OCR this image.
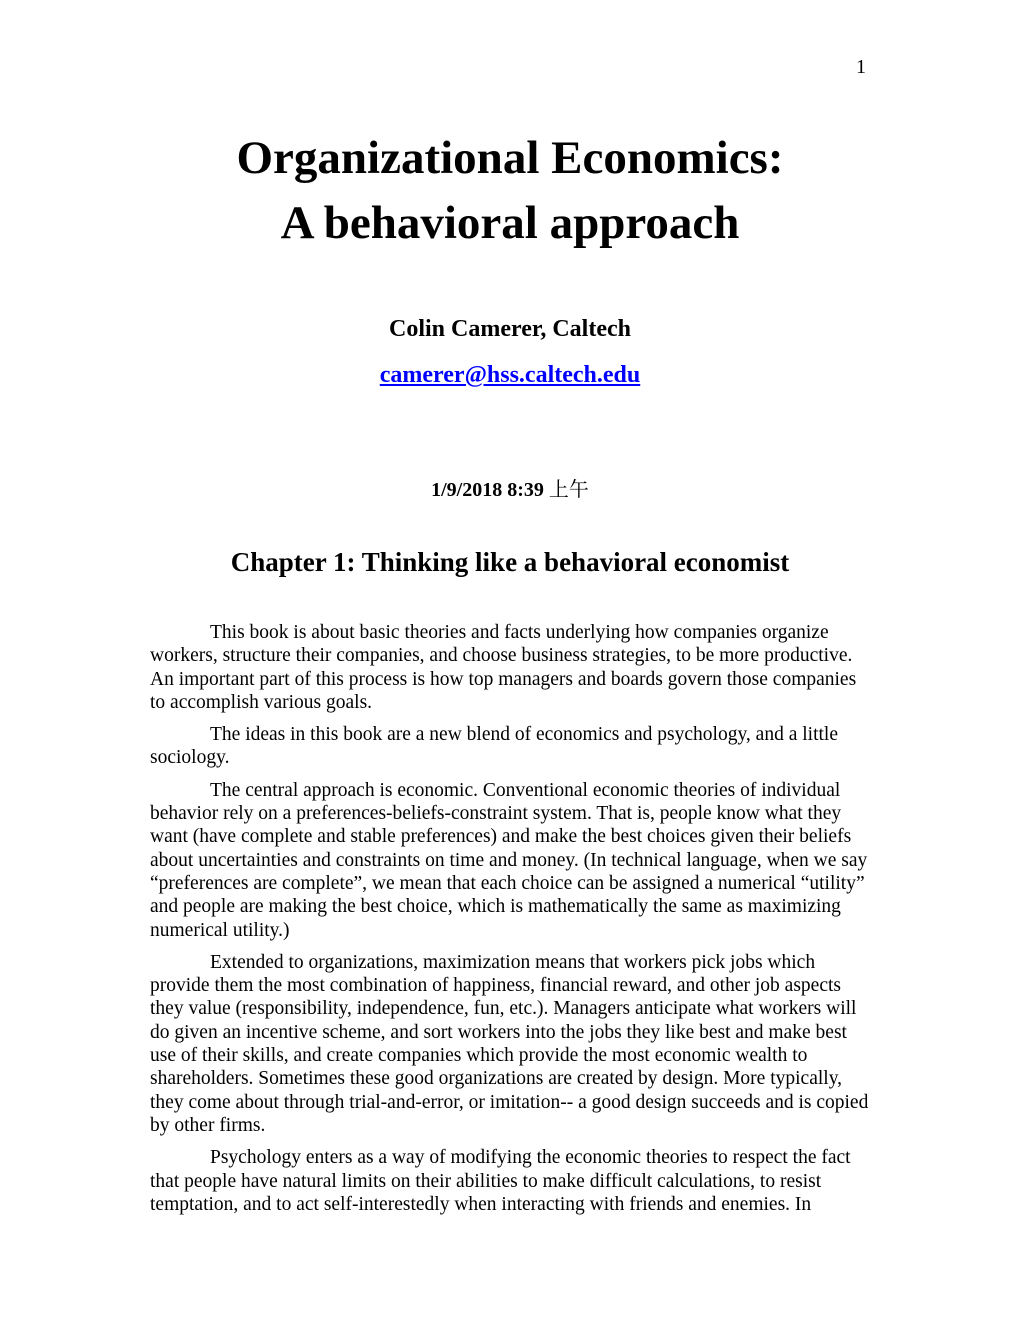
1
Organizational Economics:
A behavioral approach
Colin Camerer, Caltech
camerer@hss.caltech.edu
1/9/2018 8:39 上午
Chapter 1: Thinking like a behavioral economist

This book is about basic theories and facts underlying how companies organize workers, structure their companies, and choose business strategies, to be more productive. An important part of this process is how top managers and boards govern those companies to accomplish various goals.

The ideas in this book are a new blend of economics and psychology, and a little sociology.

The central approach is economic. Conventional economic theories of individual behavior rely on a preferences-beliefs-constraint system. That is, people know what they want (have complete and stable preferences) and make the best choices given their beliefs about uncertainties and constraints on time and money. (In technical language, when we say “preferences are complete”, we mean that each choice can be assigned a numerical “utility” and people are making the best choice, which is mathematically the same as maximizing numerical utility.)

Extended to organizations, maximization means that workers pick jobs which provide them the most combination of happiness, financial reward, and other job aspects they value (responsibility, independence, fun, etc.). Managers anticipate what workers will do given an incentive scheme, and sort workers into the jobs they like best and make best use of their skills, and create companies which provide the most economic wealth to shareholders. Sometimes these good organizations are created by design. More typically, they come about through trial-and-error, or imitation-- a good design succeeds and is copied by other firms.

Psychology enters as a way of modifying the economic theories to respect the fact that people have natural limits on their abilities to make difficult calculations, to resist temptation, and to act self-interestedly when interacting with friends and enemies. In
